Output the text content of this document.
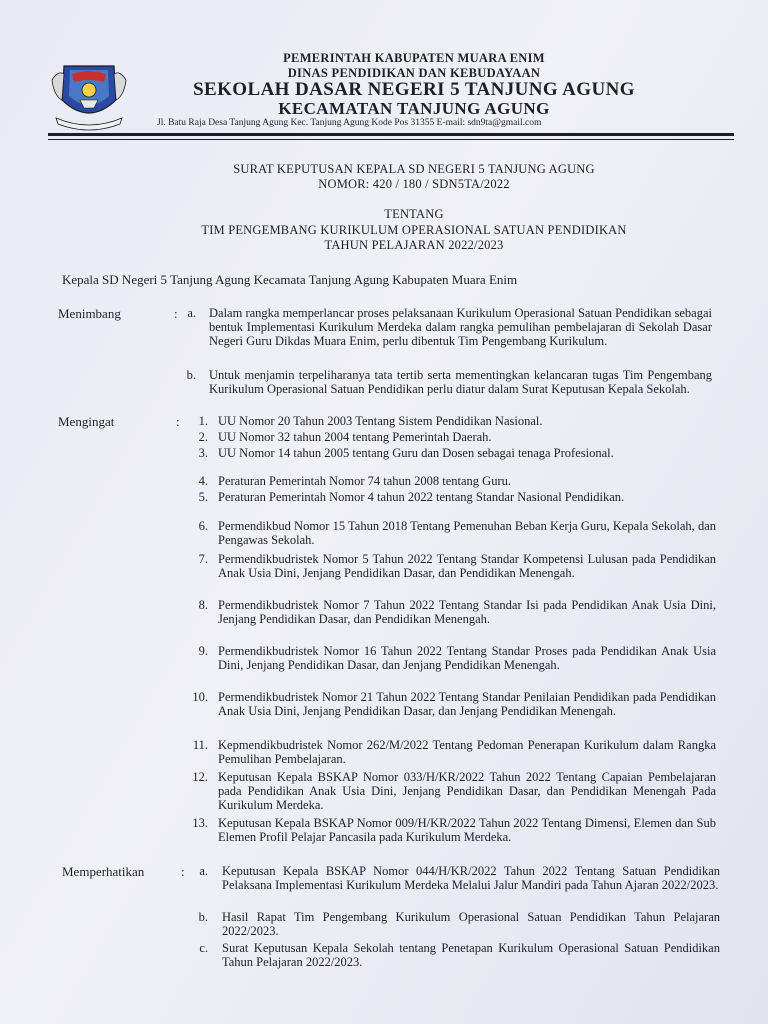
PEMERINTAH KABUPATEN MUARA ENIM
DINAS PENDIDIKAN DAN KEBUDAYAAN
SEKOLAH DASAR NEGERI 5 TANJUNG AGUNG
KECAMATAN TANJUNG AGUNG
Jl. Batu Raja Desa Tanjung Agung Kec. Tanjung Agung Kode Pos 31355 E-mail: sdn9ta@gmail.com
SURAT KEPUTUSAN KEPALA SD NEGERI 5 TANJUNG AGUNG
NOMOR: 420 / 180 / SDN5TA/2022
TENTANG
TIM PENGEMBANG KURIKULUM OPERASIONAL SATUAN PENDIDIKAN
TAHUN PELAJARAN 2022/2023
Kepala SD Negeri 5 Tanjung Agung Kecamata Tanjung Agung Kabupaten Muara Enim
Menimbang	: a. Dalam rangka memperlancar proses pelaksanaan Kurikulum Operasional Satuan Pendidikan sebagai bentuk Implementasi Kurikulum Merdeka dalam rangka pemulihan pembelajaran di Sekolah Dasar Negeri Guru Dikdas Muara Enim, perlu dibentuk Tim Pengembang Kurikulum.
b. Untuk menjamin terpeliharanya tata tertib serta mementingkan kelancaran tugas Tim Pengembang Kurikulum Operasional Satuan Pendidikan perlu diatur dalam Surat Keputusan Kepala Sekolah.
Mengingat	:	1. UU Nomor 20 Tahun 2003 Tentang Sistem Pendidikan Nasional.
2. UU Nomor 32 tahun 2004 tentang Pemerintah Daerah.
3. UU Nomor 14 tahun 2005 tentang Guru dan Dosen sebagai tenaga Profesional.
4. Peraturan Pemerintah Nomor 74 tahun 2008 tentang Guru.
5. Peraturan Pemerintah Nomor 4 tahun 2022 tentang Standar Nasional Pendidikan.
6. Permendikbud Nomor 15 Tahun 2018 Tentang Pemenuhan Beban Kerja Guru, Kepala Sekolah, dan Pengawas Sekolah.
7. Permendikbudristek Nomor 5 Tahun 2022 Tentang Standar Kompetensi Lulusan pada Pendidikan Anak Usia Dini, Jenjang Pendidikan Dasar, dan Pendidikan Menengah.
8. Permendikbudristek Nomor 7 Tahun 2022 Tentang Standar Isi pada Pendidikan Anak Usia Dini, Jenjang Pendidikan Dasar, dan Pendidikan Menengah.
9. Permendikbudristek Nomor 16 Tahun 2022 Tentang Standar Proses pada Pendidikan Anak Usia Dini, Jenjang Pendidikan Dasar, dan Jenjang Pendidikan Menengah.
10. Permendikbudristek Nomor 21 Tahun 2022 Tentang Standar Penilaian Pendidikan pada Pendidikan Anak Usia Dini, Jenjang Pendidikan Dasar, dan Jenjang Pendidikan Menengah.
11. Kepmendikbudristek Nomor 262/M/2022 Tentang Pedoman Penerapan Kurikulum dalam Rangka Pemulihan Pembelajaran.
12. Keputusan Kepala BSKAP Nomor 033/H/KR/2022 Tahun 2022 Tentang Capaian Pembelajaran pada Pendidikan Anak Usia Dini, Jenjang Pendidikan Dasar, dan Pendidikan Menengah Pada Kurikulum Merdeka.
13. Keputusan Kepala BSKAP Nomor 009/H/KR/2022 Tahun 2022 Tentang Dimensi, Elemen dan Sub Elemen Profil Pelajar Pancasila pada Kurikulum Merdeka.
Memperhatikan	:	a. Keputusan Kepala BSKAP Nomor 044/H/KR/2022 Tahun 2022 Tentang Satuan Pendidikan Pelaksana Implementasi Kurikulum Merdeka Melalui Jalur Mandiri pada Tahun Ajaran 2022/2023.
b. Hasil Rapat Tim Pengembang Kurikulum Operasional Satuan Pendidikan Tahun Pelajaran 2022/2023.
c. Surat Keputusan Kepala Sekolah tentang Penetapan Kurikulum Operasional Satuan Pendidikan Tahun Pelajaran 2022/2023.
